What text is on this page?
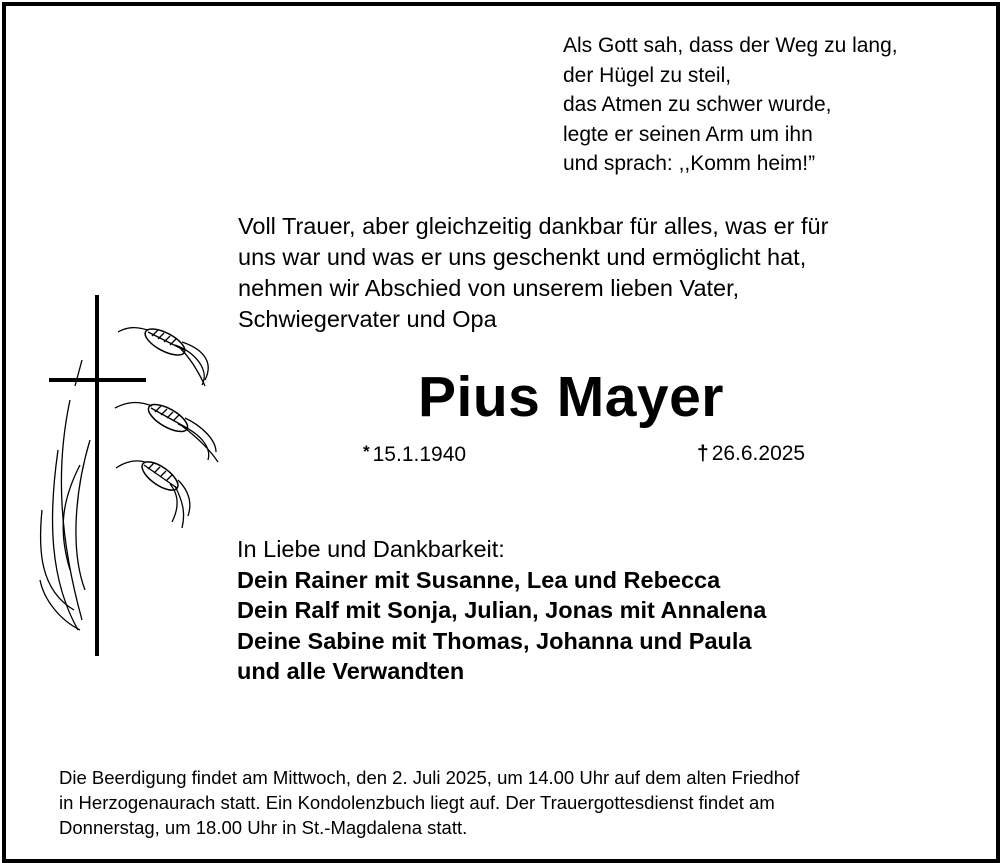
Als Gott sah, dass der Weg zu lang,
der Hügel zu steil,
das Atmen zu schwer wurde,
legte er seinen Arm um ihn
und sprach: ,,Komm heim!”
Voll Trauer, aber gleichzeitig dankbar für alles, was er für
uns war und was er uns geschenkt und ermöglicht hat,
nehmen wir Abschied von unserem lieben Vater,
Schwiegervater und Opa
Pius Mayer
* 15.1.1940	† 26.6.2025
In Liebe und Dankbarkeit:
Dein Rainer mit Susanne, Lea und Rebecca
Dein Ralf mit Sonja, Julian, Jonas mit Annalena
Deine Sabine mit Thomas, Johanna und Paula
und alle Verwandten
Die Beerdigung findet am Mittwoch, den 2. Juli 2025, um 14.00 Uhr auf dem alten Friedhof
in Herzogenaurach statt. Ein Kondolenzbuch liegt auf. Der Trauergottesdienst findet am
Donnerstag, um 18.00 Uhr in St.-Magdalena statt.
